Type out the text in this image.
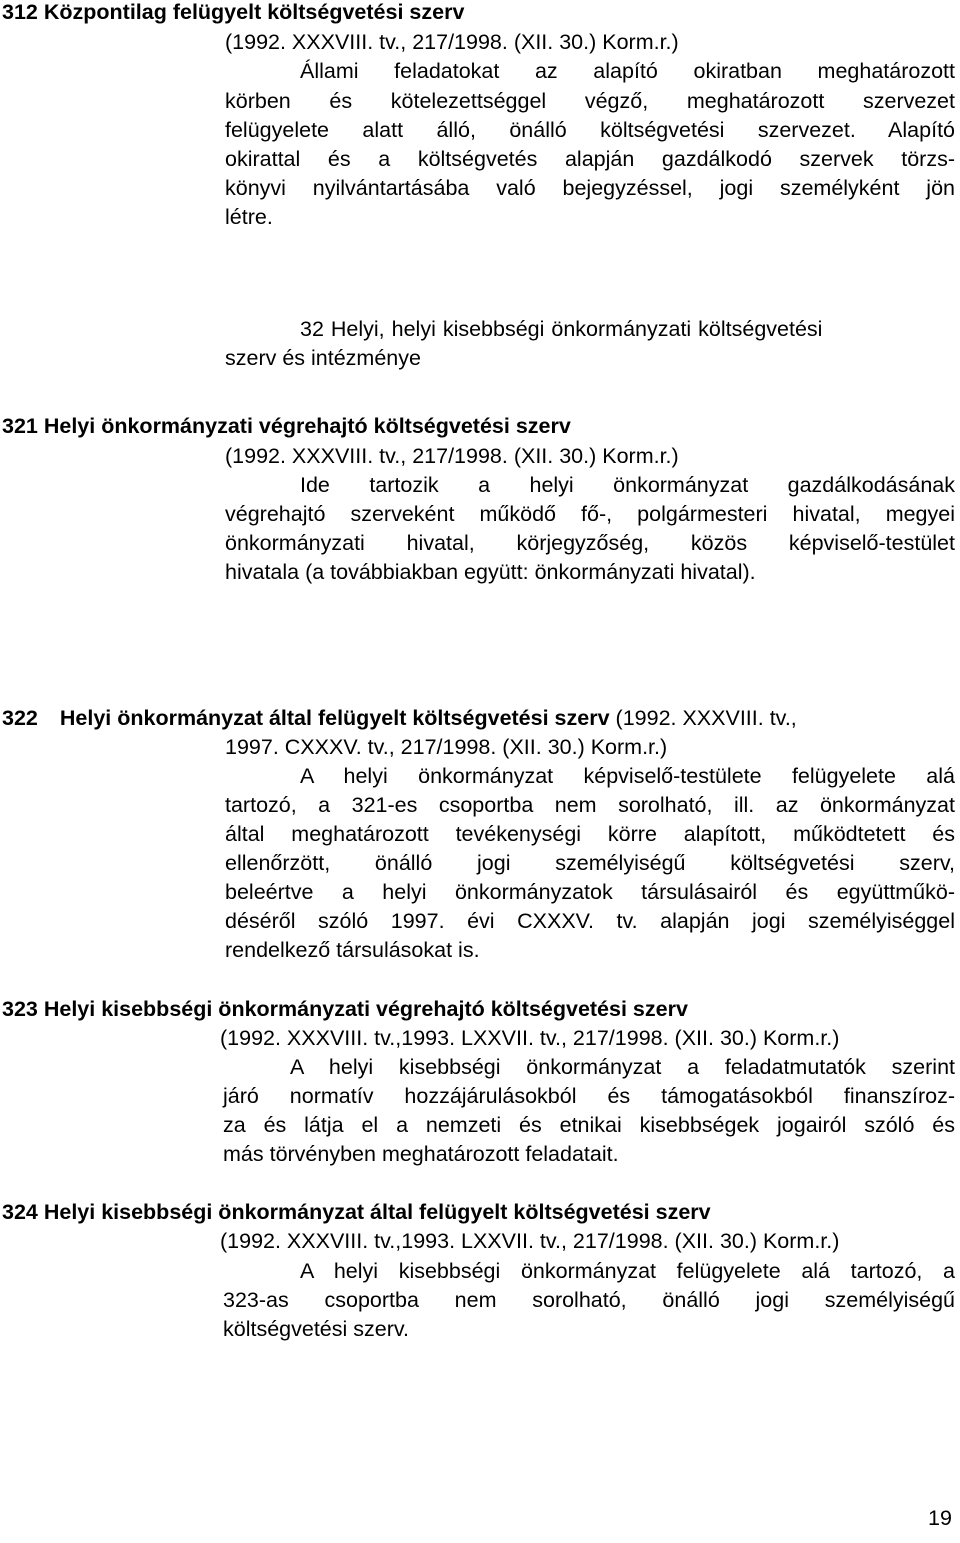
312 Központilag felügyelt költségvetési szerv
(1992. XXXVIII. tv., 217/1998. (XII. 30.) Korm.r.)
Állami feladatokat az alapító okiratban meghatározott
körben és kötelezettséggel végző, meghatározott szervezet
felügyelete alatt álló, önálló költségvetési szervezet. Alapító
okirattal és a költségvetés alapján gazdálkodó szervek törzs-
könyvi nyilvántartásába való bejegyzéssel, jogi személyként jön
létre.
32 Helyi, helyi kisebbségi önkormányzati költségvetési
szerv és intézménye
321 Helyi önkormányzati végrehajtó költségvetési szerv
(1992. XXXVIII. tv., 217/1998. (XII. 30.) Korm.r.)
Ide tartozik a helyi önkormányzat gazdálkodásának
végrehajtó szerveként működő fő-, polgármesteri hivatal, megyei
önkormányzati hivatal, körjegyzőség, közös képviselő-testület
hivatala (a továbbiakban együtt: önkormányzati hivatal).
322 Helyi önkormányzat által felügyelt költségvetési szerv (1992. XXXVIII. tv.,
1997. CXXXV. tv., 217/1998. (XII. 30.) Korm.r.)
A helyi önkormányzat képviselő-testülete felügyelete alá
tartozó, a 321-es csoportba nem sorolható, ill. az önkormányzat
által meghatározott tevékenységi körre alapított, működtetett és
ellenőrzött, önálló jogi személyiségű költségvetési szerv,
beleértve a helyi önkormányzatok társulásairól és együttműkö-
déséről szóló 1997. évi CXXXV. tv. alapján jogi személyiséggel
rendelkező társulásokat is.
323 Helyi kisebbségi önkormányzati végrehajtó költségvetési szerv
(1992. XXXVIII. tv.,1993. LXXVII. tv., 217/1998. (XII. 30.) Korm.r.)
A helyi kisebbségi önkormányzat a feladatmutatók szerint
járó normatív hozzájárulásokból és támogatásokból finanszíroz-
za és látja el a nemzeti és etnikai kisebbségek jogairól szóló és
más törvényben meghatározott feladatait.
324 Helyi kisebbségi önkormányzat által felügyelt költségvetési szerv
(1992. XXXVIII. tv.,1993. LXXVII. tv., 217/1998. (XII. 30.) Korm.r.)
A helyi kisebbségi önkormányzat felügyelete alá tartozó, a
323-as csoportba nem sorolható, önálló jogi személyiségű
költségvetési szerv.
19
